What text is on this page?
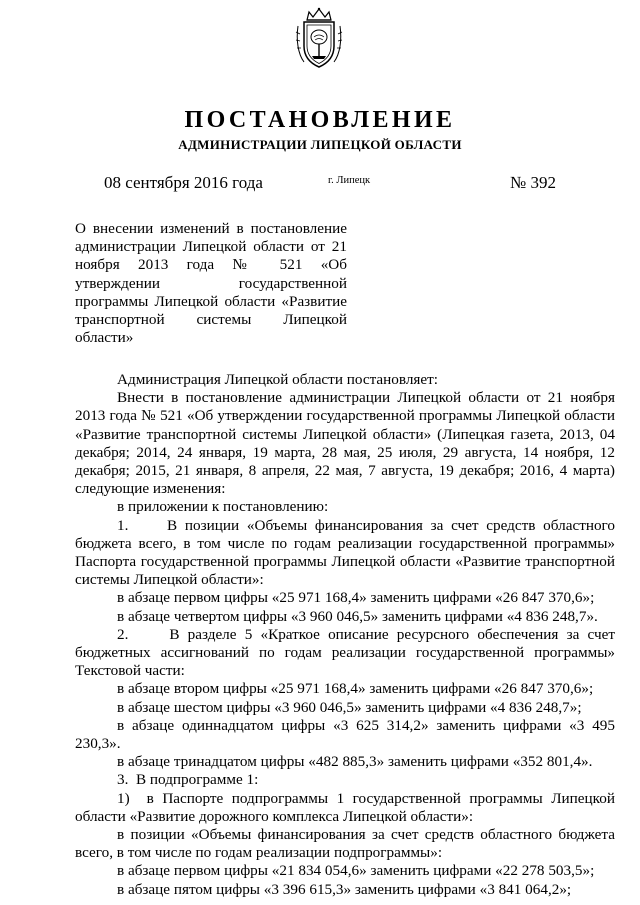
ПОСТАНОВЛЕНИЕ
АДМИНИСТРАЦИИ ЛИПЕЦКОЙ ОБЛАСТИ
08 сентября 2016 года	г. Липецк	№ 392
О внесении изменений в постановление администрации Липецкой области от 21 ноября 2013 года № 521 «Об утверждении государственной программы Липецкой области «Развитие транспортной системы Липецкой области»

Администрация Липецкой области постановляет:

Внести в постановление администрации Липецкой области от 21 ноября 2013 года № 521 «Об утверждении государственной программы Липецкой области «Развитие транспортной системы Липецкой области» (Липецкая газета, 2013, 04 декабря; 2014, 24 января, 19 марта, 28 мая, 25 июля, 29 августа, 14 ноября, 12 декабря; 2015, 21 января, 8 апреля, 22 мая, 7 августа, 19 декабря; 2016, 4 марта) следующие изменения:

в приложении к постановлению:

1.     В позиции «Объемы финансирования за счет средств областного бюджета всего, в том числе по годам реализации государственной программы» Паспорта государственной программы Липецкой области «Развитие транспортной системы Липецкой области»:

в абзаце первом цифры «25 971 168,4» заменить цифрами «26 847 370,6»;

в абзаце четвертом цифры «3 960 046,5» заменить цифрами «4 836 248,7».

2.     В разделе 5 «Краткое описание ресурсного обеспечения за счет бюджетных ассигнований по годам реализации государственной программы» Текстовой части:

в абзаце втором цифры «25 971 168,4» заменить цифрами «26 847 370,6»;

в абзаце шестом цифры «3 960 046,5» заменить цифрами «4 836 248,7»;

в абзаце одиннадцатом цифры «3 625 314,2» заменить цифрами «3 495 230,3».

в абзаце тринадцатом цифры «482 885,3» заменить цифрами «352 801,4».

3.  В подпрограмме 1:

1)  в Паспорте подпрограммы 1 государственной программы Липецкой области «Развитие дорожного комплекса Липецкой области»:

в позиции «Объемы финансирования за счет средств областного бюджета всего, в том числе по годам реализации подпрограммы»:

в абзаце первом цифры «21 834 054,6» заменить цифрами «22 278 503,5»;

в абзаце пятом цифры «3 396 615,3» заменить цифрами «3 841 064,2»;
